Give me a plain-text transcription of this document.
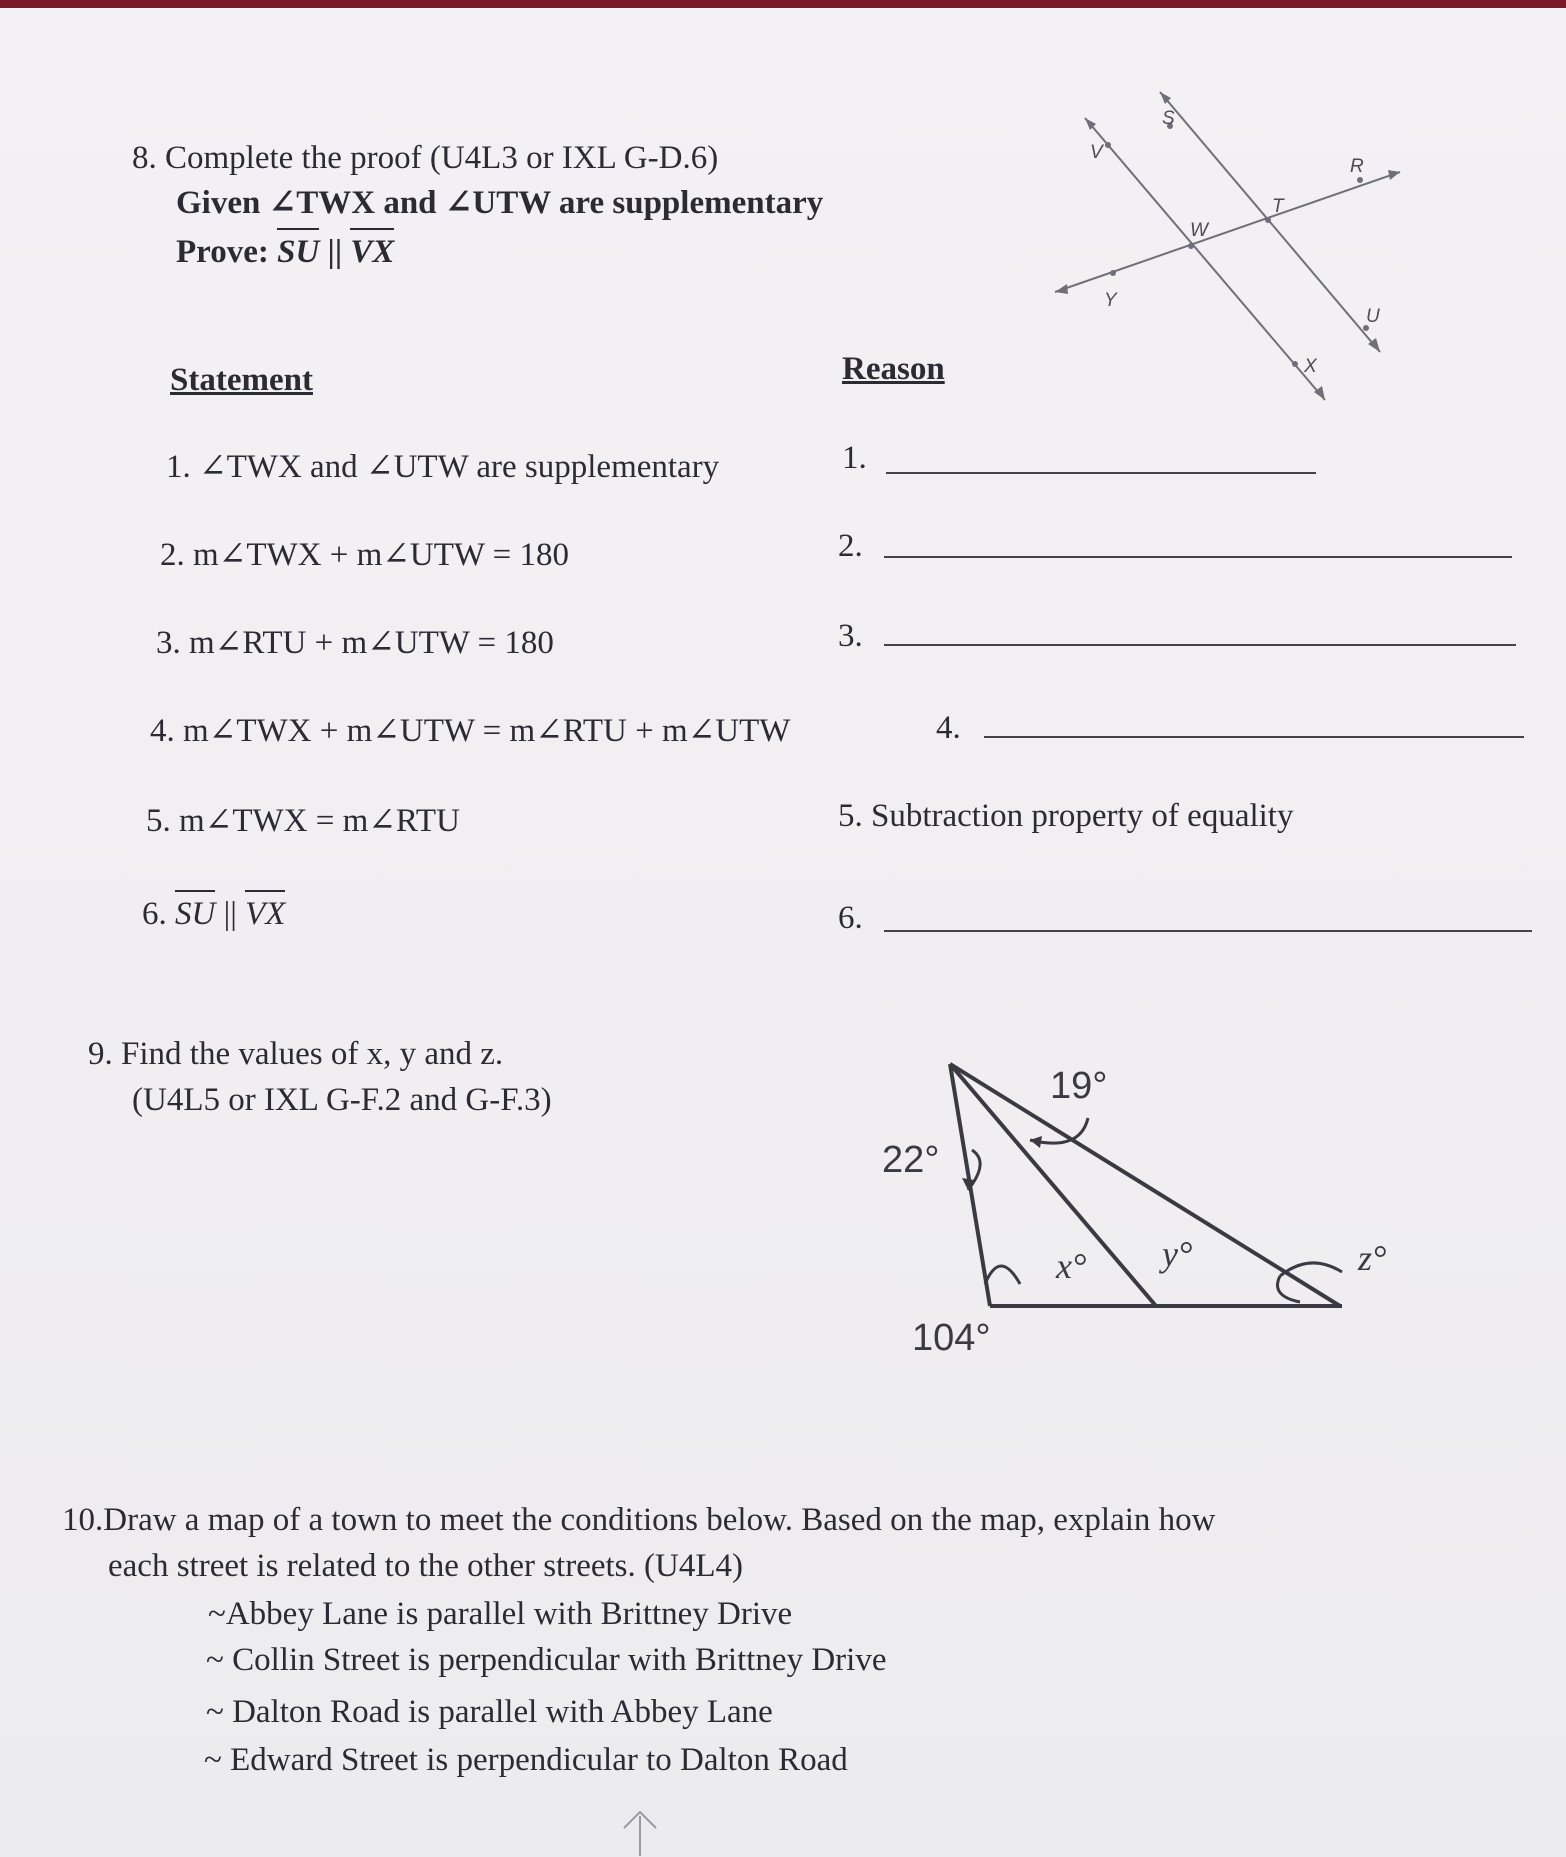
8. Complete the proof (U4L3 or IXL G-D.6)
Given ∠TWX and ∠UTW are supplementary
Prove: SU || VX
Statement	Reason
1. ∠TWX and ∠UTW are supplementary	1.
2. m∠TWX + m∠UTW = 180	2.
3. m∠RTU + m∠UTW = 180	3.
4. m∠TWX + m∠UTW = m∠RTU + m∠UTW	4.
5. m∠TWX = m∠RTU	5. Subtraction property of equality
6. SU || VX	6.
S
V
R
T
W
Y
U
X
9. Find the values of x, y and z.
(U4L5 or IXL G-F.2 and G-F.3)	19°
22°
104°
x° y°	z°
10.Draw a map of a town to meet the conditions below. Based on the map, explain how
each street is related to the other streets. (U4L4)
~Abbey Lane is parallel with Brittney Drive
~ Collin Street is perpendicular with Brittney Drive
~ Dalton Road is parallel with Abbey Lane
~ Edward Street is perpendicular to Dalton Road
